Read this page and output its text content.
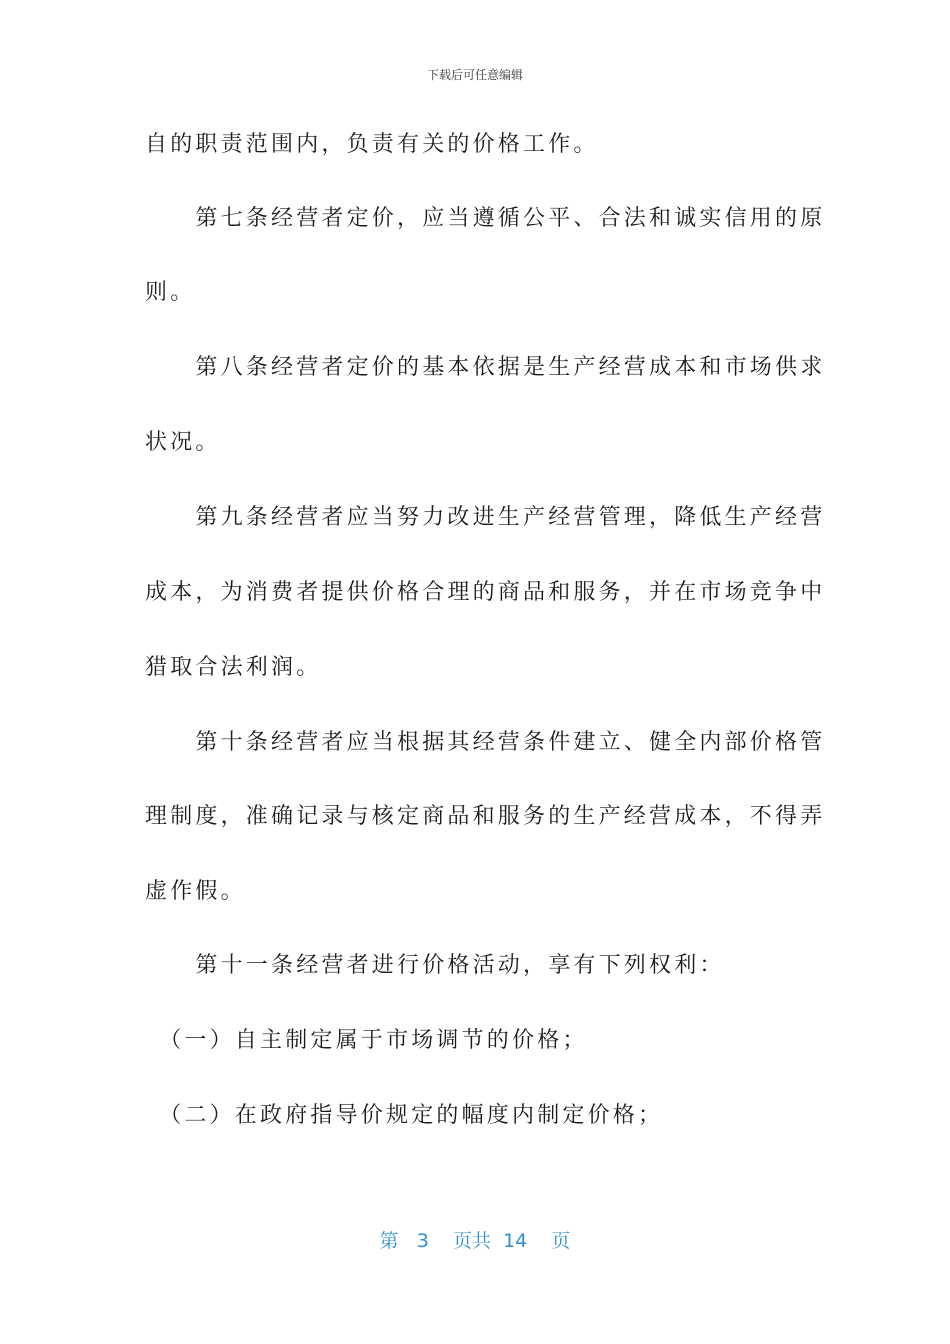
下载后可任意编辑
自的职责范围内，负责有关的价格工作。
　　第七条经营者定价，应当遵循公平、合法和诚实信用的原
则。
　　第八条经营者定价的基本依据是生产经营成本和市场供求
状况。
　　第九条经营者应当努力改进生产经营管理，降低生产经营
成本，为消费者提供价格合理的商品和服务，并在市场竞争中
猎取合法利润。
　　第十条经营者应当根据其经营条件建立、健全内部价格管
理制度，准确记录与核定商品和服务的生产经营成本，不得弄
虚作假。
　　第十一条经营者进行价格活动，享有下列权利：
　（一）自主制定属于市场调节的价格；
　（二）在政府指导价规定的幅度内制定价格；
第 3 页共 14 页
